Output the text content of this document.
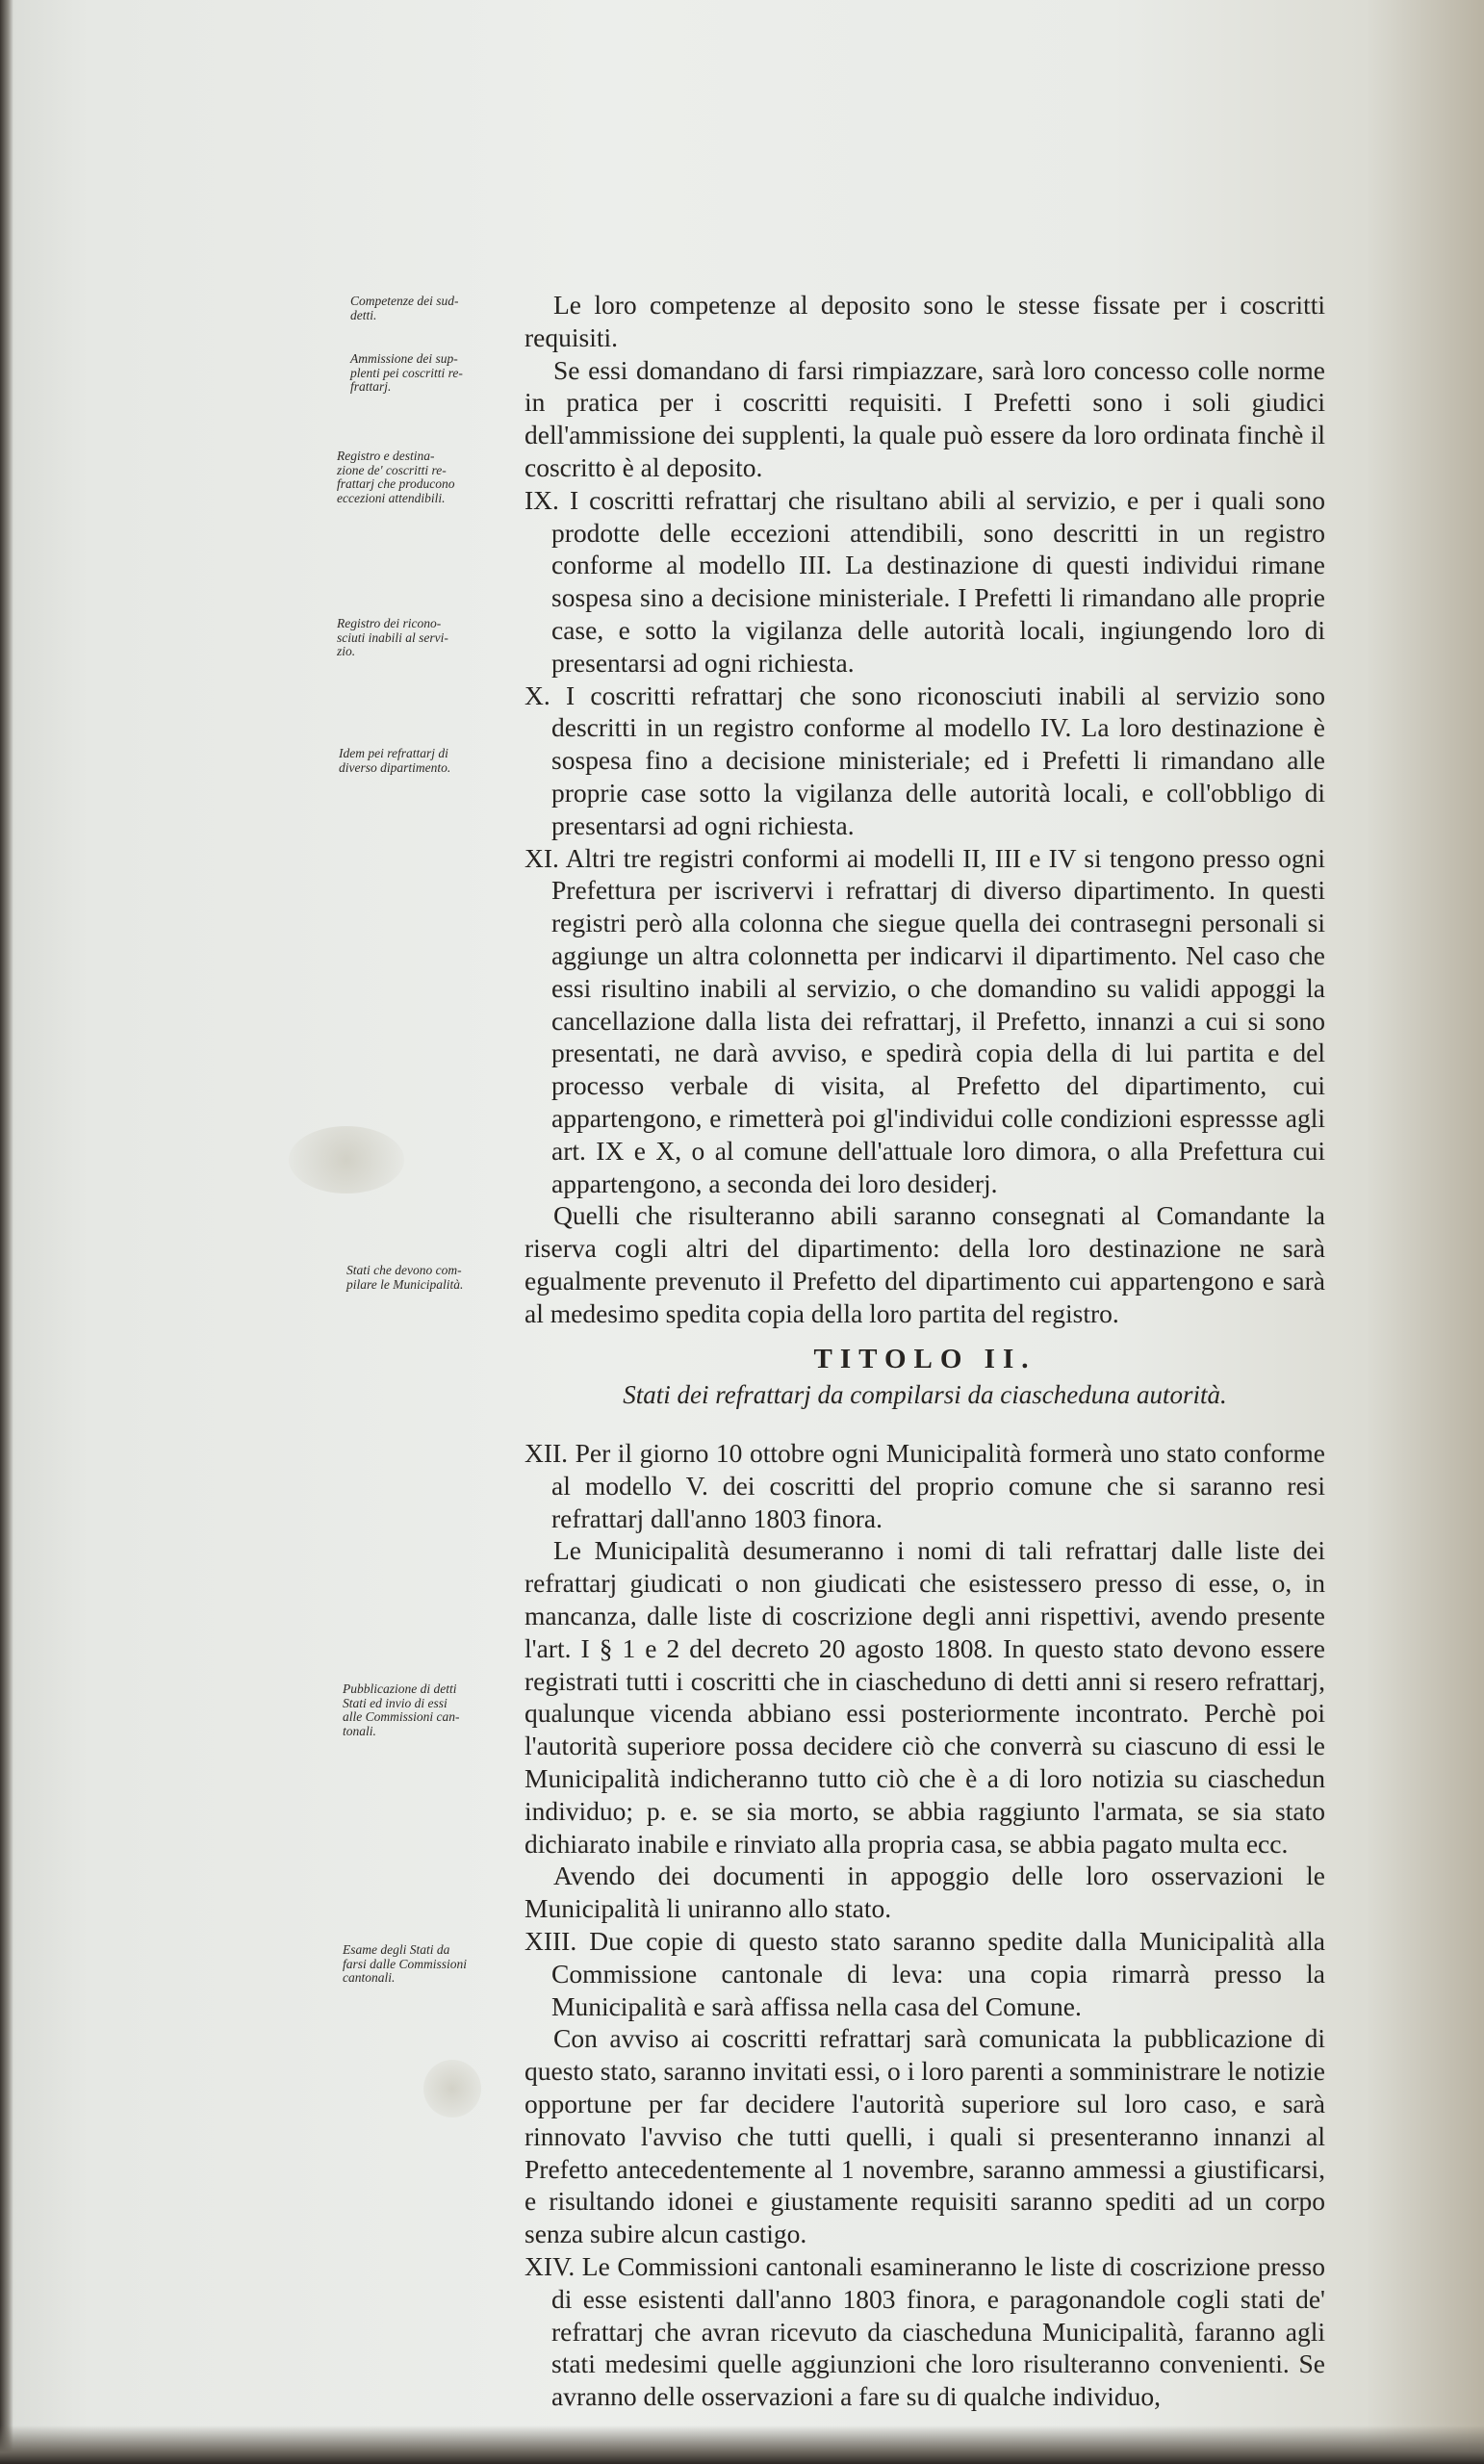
Competenze dei sud-
detti.
Ammissione dei sup-
plenti pei coscritti re-
frattarj.
Registro e destina-
zione de' coscritti re-
frattarj che producono
eccezioni attendibili.
Registro dei ricono-
sciuti inabili al servi-
zio.
Idem pei refrattarj di
diverso dipartimento.
Stati che devono com-
pilare le Municipalità.
Pubblicazione di detti
Stati ed invio di essi
alle Commissioni can-
tonali.
Esame degli Stati da
farsi dalle Commissioni
cantonali.

Le loro competenze al deposito sono le stesse fissate per i coscritti requisiti.

Se essi domandano di farsi rimpiazzare, sarà loro concesso colle norme in pratica per i coscritti requisiti. I Prefetti sono i soli giudici dell'ammissione dei supplenti, la quale può essere da loro ordinata finchè il coscritto è al deposito.

IX. I coscritti refrattarj che risultano abili al servizio, e per i quali sono prodotte delle eccezioni attendibili, sono descritti in un registro conforme al modello III. La destinazione di questi individui rimane sospesa sino a decisione ministeriale. I Prefetti li rimandano alle proprie case, e sotto la vigilanza delle autorità locali, ingiungendo loro di presentarsi ad ogni richiesta.

X. I coscritti refrattarj che sono riconosciuti inabili al servizio sono descritti in un registro conforme al modello IV. La loro destinazione è sospesa fino a decisione ministeriale; ed i Prefetti li rimandano alle proprie case sotto la vigilanza delle autorità locali, e coll'obbligo di presentarsi ad ogni richiesta.

XI. Altri tre registri conformi ai modelli II, III e IV si tengono presso ogni Prefettura per iscrivervi i refrattarj di diverso dipartimento. In questi registri però alla colonna che siegue quella dei contrasegni personali si aggiunge un altra colonnetta per indicarvi il dipartimento. Nel caso che essi risultino inabili al servizio, o che domandino su validi appoggi la cancellazione dalla lista dei refrattarj, il Prefetto, innanzi a cui si sono presentati, ne darà avviso, e spedirà copia della di lui partita e del processo verbale di visita, al Prefetto del dipartimento, cui appartengono, e rimetterà poi gl'individui colle condizioni espressse agli art. IX e X, o al comune dell'attuale loro dimora, o alla Prefettura cui appartengono, a seconda dei loro desiderj.

Quelli che risulteranno abili saranno consegnati al Comandante la riserva cogli altri del dipartimento: della loro destinazione ne sarà egualmente prevenuto il Prefetto del dipartimento cui appartengono e sarà al medesimo spedita copia della loro partita del registro.

TITOLO II.
Stati dei refrattarj da compilarsi da ciascheduna autorità.

XII. Per il giorno 10 ottobre ogni Municipalità formerà uno stato conforme al modello V. dei coscritti del proprio comune che si saranno resi refrattarj dall'anno 1803 finora.

Le Municipalità desumeranno i nomi di tali refrattarj dalle liste dei refrattarj giudicati o non giudicati che esistessero presso di esse, o, in mancanza, dalle liste di coscrizione degli anni rispettivi, avendo presente l'art. I § 1 e 2 del decreto 20 agosto 1808. In questo stato devono essere registrati tutti i coscritti che in ciascheduno di detti anni si resero refrattarj, qualunque vicenda abbiano essi posteriormente incontrato. Perchè poi l'autorità superiore possa decidere ciò che converrà su ciascuno di essi le Municipalità indicheranno tutto ciò che è a di loro notizia su ciaschedun individuo; p. e. se sia morto, se abbia raggiunto l'armata, se sia stato dichiarato inabile e rinviato alla propria casa, se abbia pagato multa ecc.

Avendo dei documenti in appoggio delle loro osservazioni le Municipalità li uniranno allo stato.

XIII. Due copie di questo stato saranno spedite dalla Municipalità alla Commissione cantonale di leva: una copia rimarrà presso la Municipalità e sarà affissa nella casa del Comune.

Con avviso ai coscritti refrattarj sarà comunicata la pubblicazione di questo stato, saranno invitati essi, o i loro parenti a somministrare le notizie opportune per far decidere l'autorità superiore sul loro caso, e sarà rinnovato l'avviso che tutti quelli, i quali si presenteranno innanzi al Prefetto antecedentemente al 1 novembre, saranno ammessi a giustificarsi, e risultando idonei e giustamente requisiti saranno spediti ad un corpo senza subire alcun castigo.

XIV. Le Commissioni cantonali esamineranno le liste di coscrizione presso di esse esistenti dall'anno 1803 finora, e paragonandole cogli stati de' refrattarj che avran ricevuto da ciascheduna Municipalità, faranno agli stati medesimi quelle aggiunzioni che loro risulteranno convenienti. Se avranno delle osservazioni a fare su di qualche individuo,
